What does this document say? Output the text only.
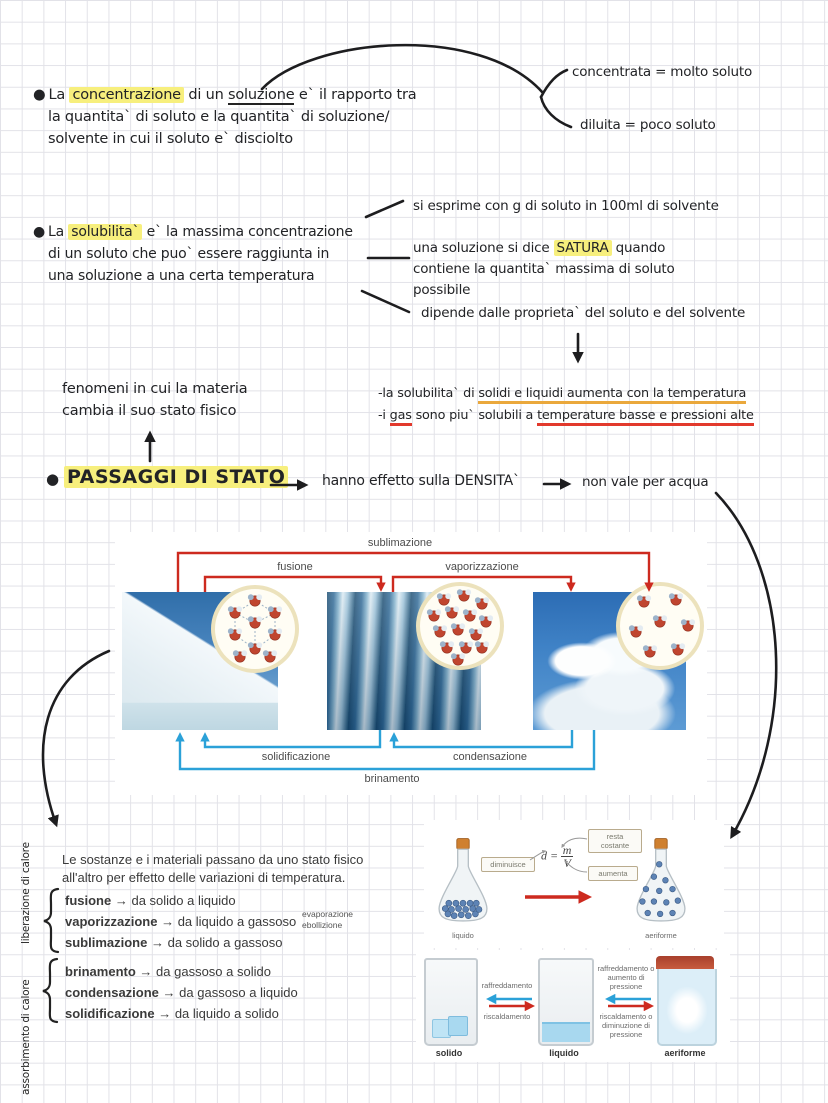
● La concentrazione di un soluzione e` il rapporto tra
la quantita` di soluto e la quantita` di soluzione/
solvente in cui il soluto e` disciolto
concentrata = molto soluto
diluita = poco soluto
● La solubilita` e` la massima concentrazione
di un soluto che puo` essere raggiunta in
una soluzione a una certa temperatura
si esprime con g di soluto in 100ml di solvente
una soluzione si dice SATURA quando
contiene la quantita` massima di soluto
possibile
dipende dalle proprieta` del soluto e del solvente
-la solubilita` di solidi e liquidi aumenta con la temperatura
-i gas sono piu` solubili a temperature basse e pressioni alte
fenomeni in cui la materia
cambia il suo stato fisico
● PASSAGGI DI STATO	hanno effetto sulla DENSITA`	non vale per acqua
sublimazione
fusione	vaporizzazione
solidificazione	condensazione
brinamento
liberazione di calore
assorbimento di calore
Le sostanze e i materiali passano da uno stato fisico
all'altro per effetto delle variazioni di temperatura.
fusione → da solido a liquido
vaporizzazione → da liquido a gassoso
sublimazione → da solido a gassoso
evaporazione
ebollizione
brinamento → da gassoso a solido
condensazione → da gassoso a liquido
solidificazione → da liquido a solido
liquido	aeriforme
$d = \frac{m}{V}$
diminuisce
resta costante
aumenta
solido	liquido	aeriforme
raffreddamento
riscaldamento
raffreddamento o aumento di pressione
riscaldamento o diminuzione di pressione
